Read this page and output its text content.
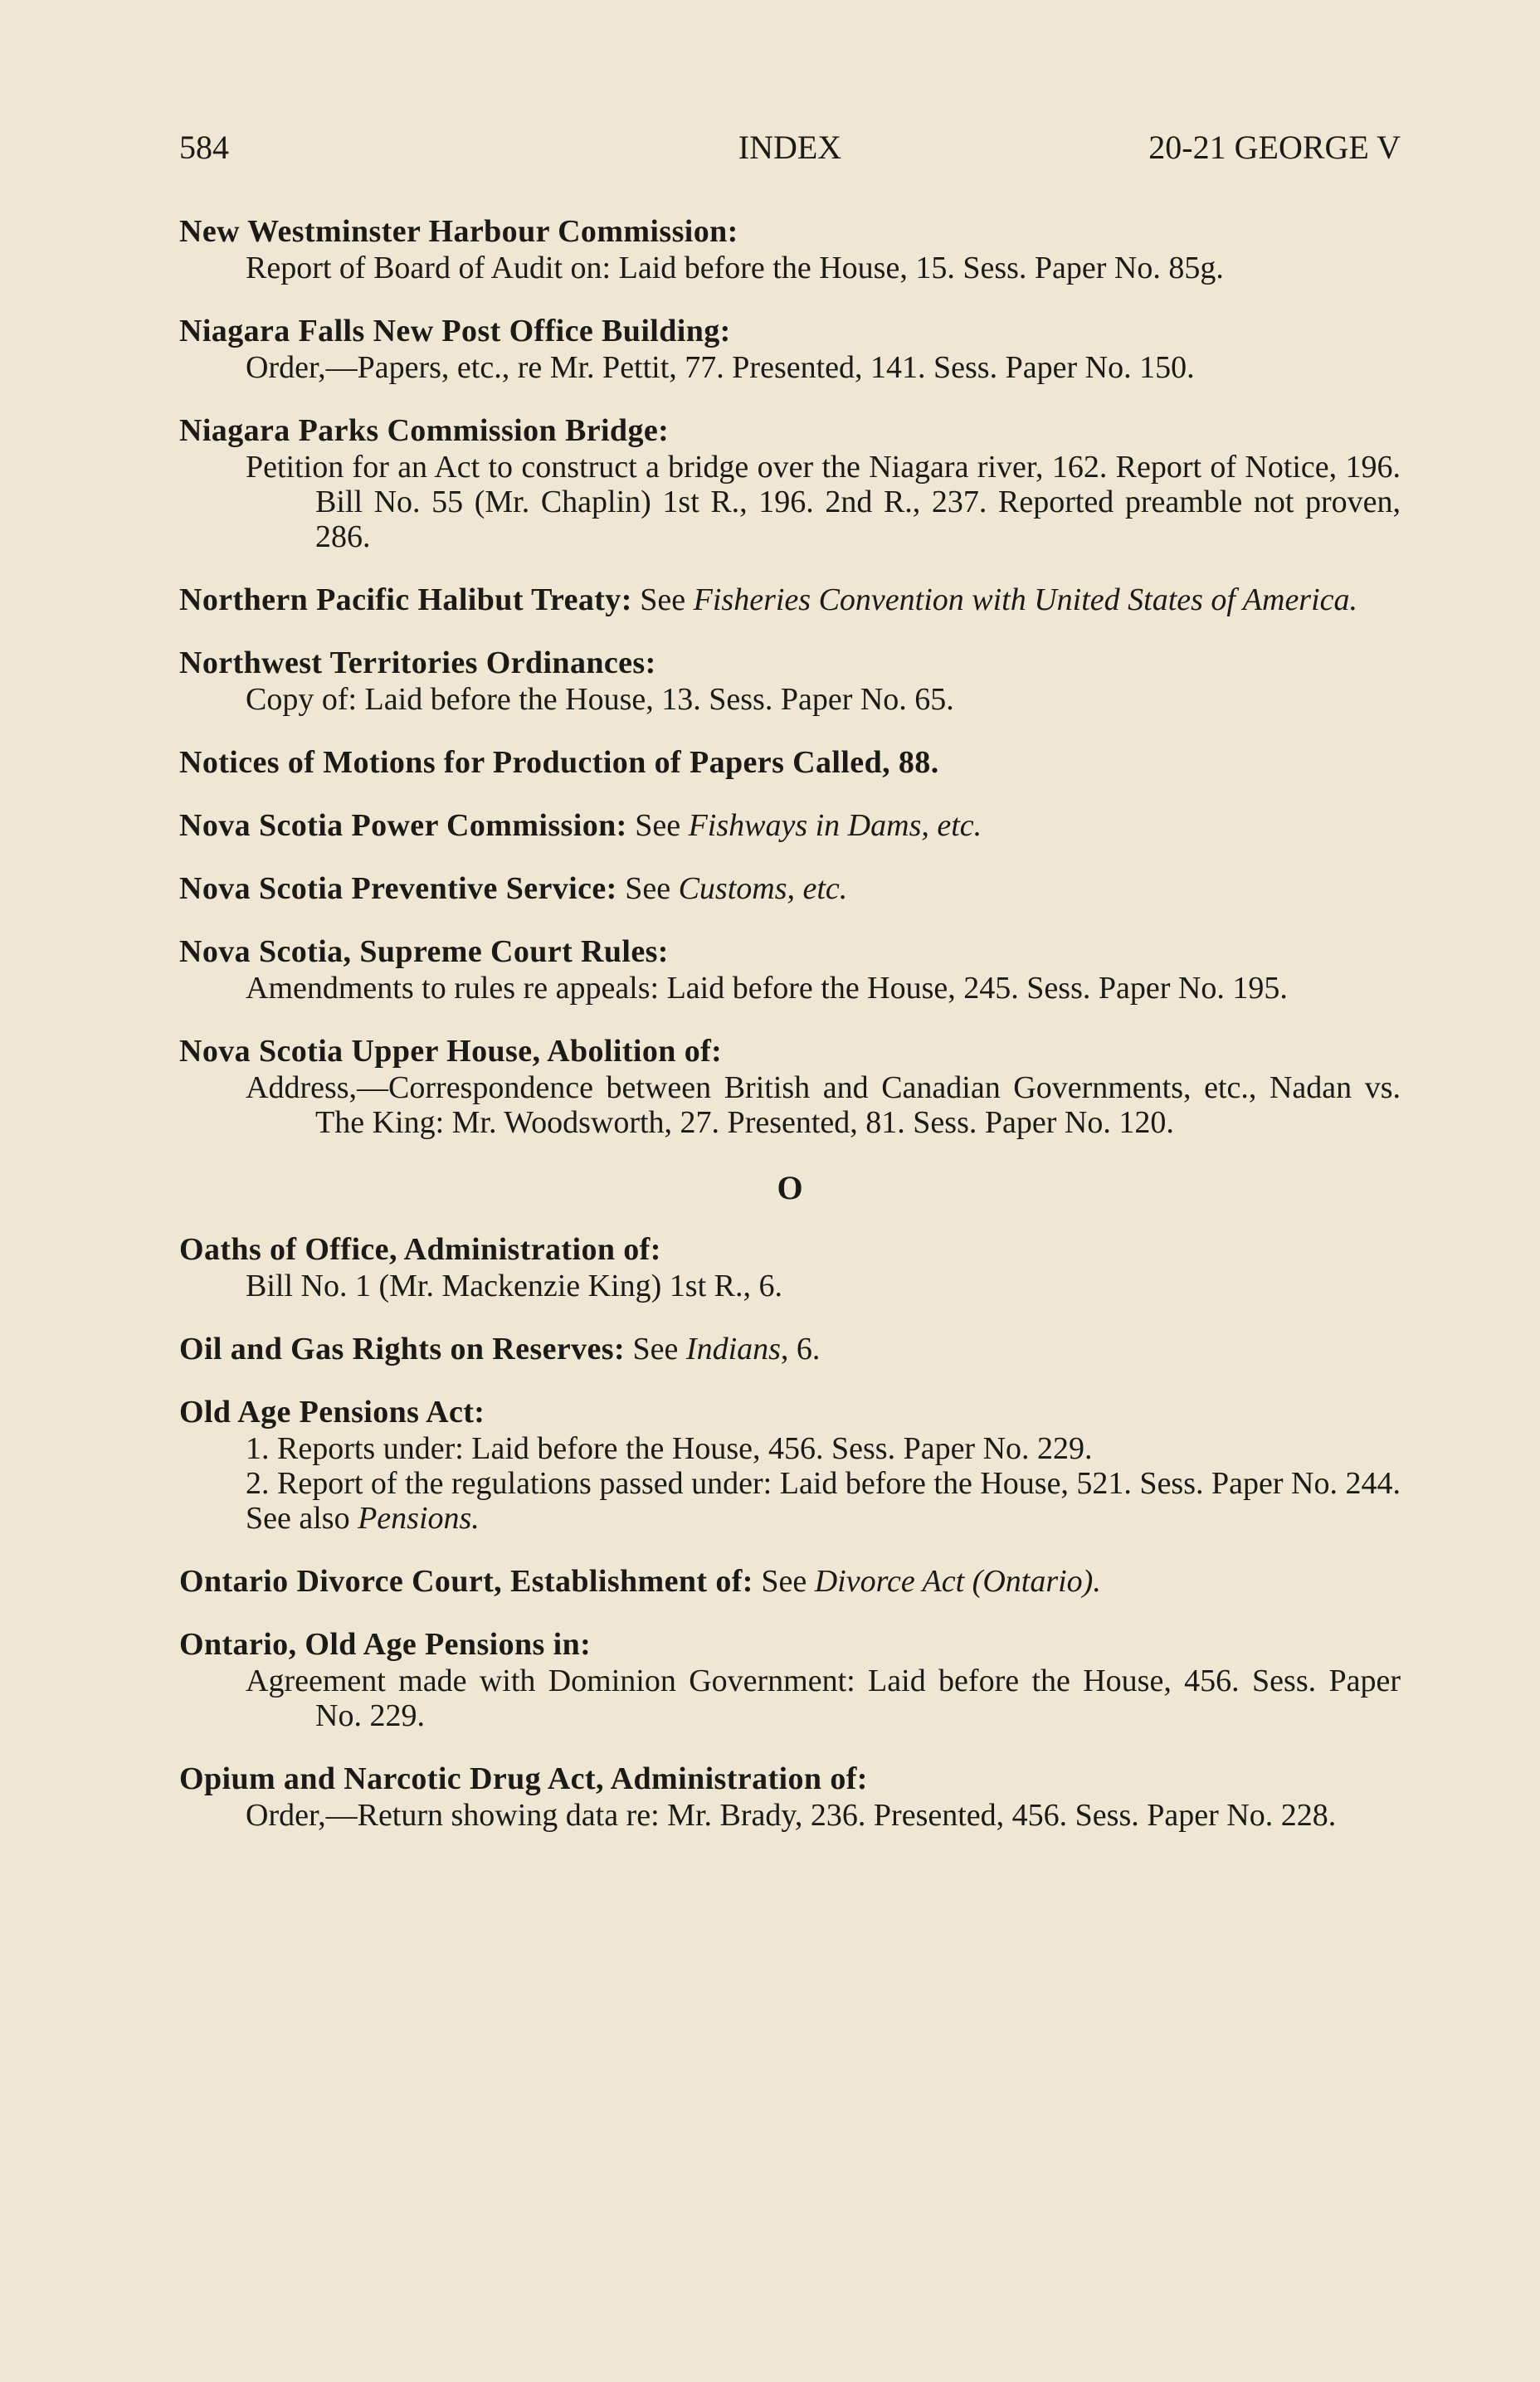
584	INDEX	20-21 GEORGE V
New Westminster Harbour Commission:
Report of Board of Audit on: Laid before the House, 15. Sess. Paper No. 85g.
Niagara Falls New Post Office Building:
Order,—Papers, etc., re Mr. Pettit, 77. Presented, 141. Sess. Paper No. 150.
Niagara Parks Commission Bridge:
Petition for an Act to construct a bridge over the Niagara river, 162. Report of Notice, 196. Bill No. 55 (Mr. Chaplin) 1st R., 196. 2nd R., 237. Reported preamble not proven, 286.
Northern Pacific Halibut Treaty: See Fisheries Convention with United States of America.
Northwest Territories Ordinances:
Copy of: Laid before the House, 13. Sess. Paper No. 65.
Notices of Motions for Production of Papers Called, 88.
Nova Scotia Power Commission: See Fishways in Dams, etc.
Nova Scotia Preventive Service: See Customs, etc.
Nova Scotia, Supreme Court Rules:
Amendments to rules re appeals: Laid before the House, 245. Sess. Paper No. 195.
Nova Scotia Upper House, Abolition of:
Address,—Correspondence between British and Canadian Governments, etc., Nadan vs. The King: Mr. Woodsworth, 27. Presented, 81. Sess. Paper No. 120.
O
Oaths of Office, Administration of:
Bill No. 1 (Mr. Mackenzie King) 1st R., 6.
Oil and Gas Rights on Reserves: See Indians, 6.
Old Age Pensions Act:
1. Reports under: Laid before the House, 456. Sess. Paper No. 229.
2. Report of the regulations passed under: Laid before the House, 521. Sess. Paper No. 244.
See also Pensions.
Ontario Divorce Court, Establishment of: See Divorce Act (Ontario).
Ontario, Old Age Pensions in:
Agreement made with Dominion Government: Laid before the House, 456. Sess. Paper No. 229.
Opium and Narcotic Drug Act, Administration of:
Order,—Return showing data re: Mr. Brady, 236. Presented, 456. Sess. Paper No. 228.
